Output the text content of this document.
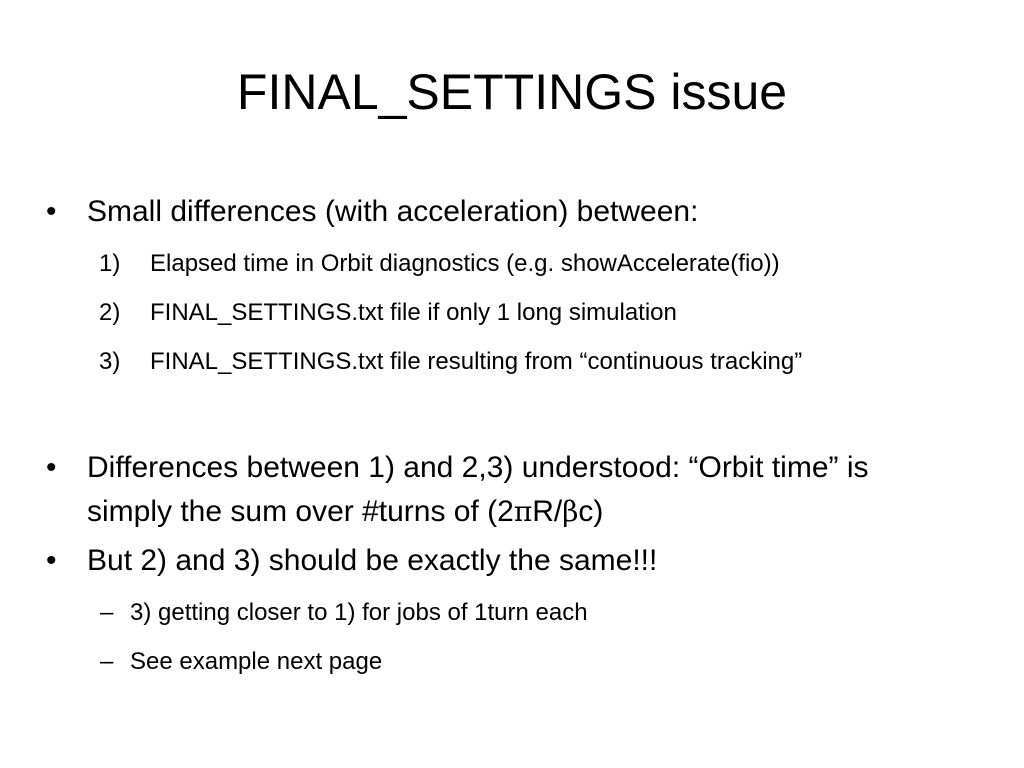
FINAL_SETTINGS issue
•	Small differences (with acceleration) between:
1) Elapsed time in Orbit diagnostics (e.g. showAccelerate(fio))
2) FINAL_SETTINGS.txt file if only 1 long simulation
3) FINAL_SETTINGS.txt file resulting from “continuous tracking”
•	Differences between 1) and 2,3) understood: “Orbit time” is simply the sum over #turns of (2πR/βc)
•	But 2) and 3) should be exactly the same!!!
– 3) getting closer to 1) for jobs of 1turn each
– See example next page
